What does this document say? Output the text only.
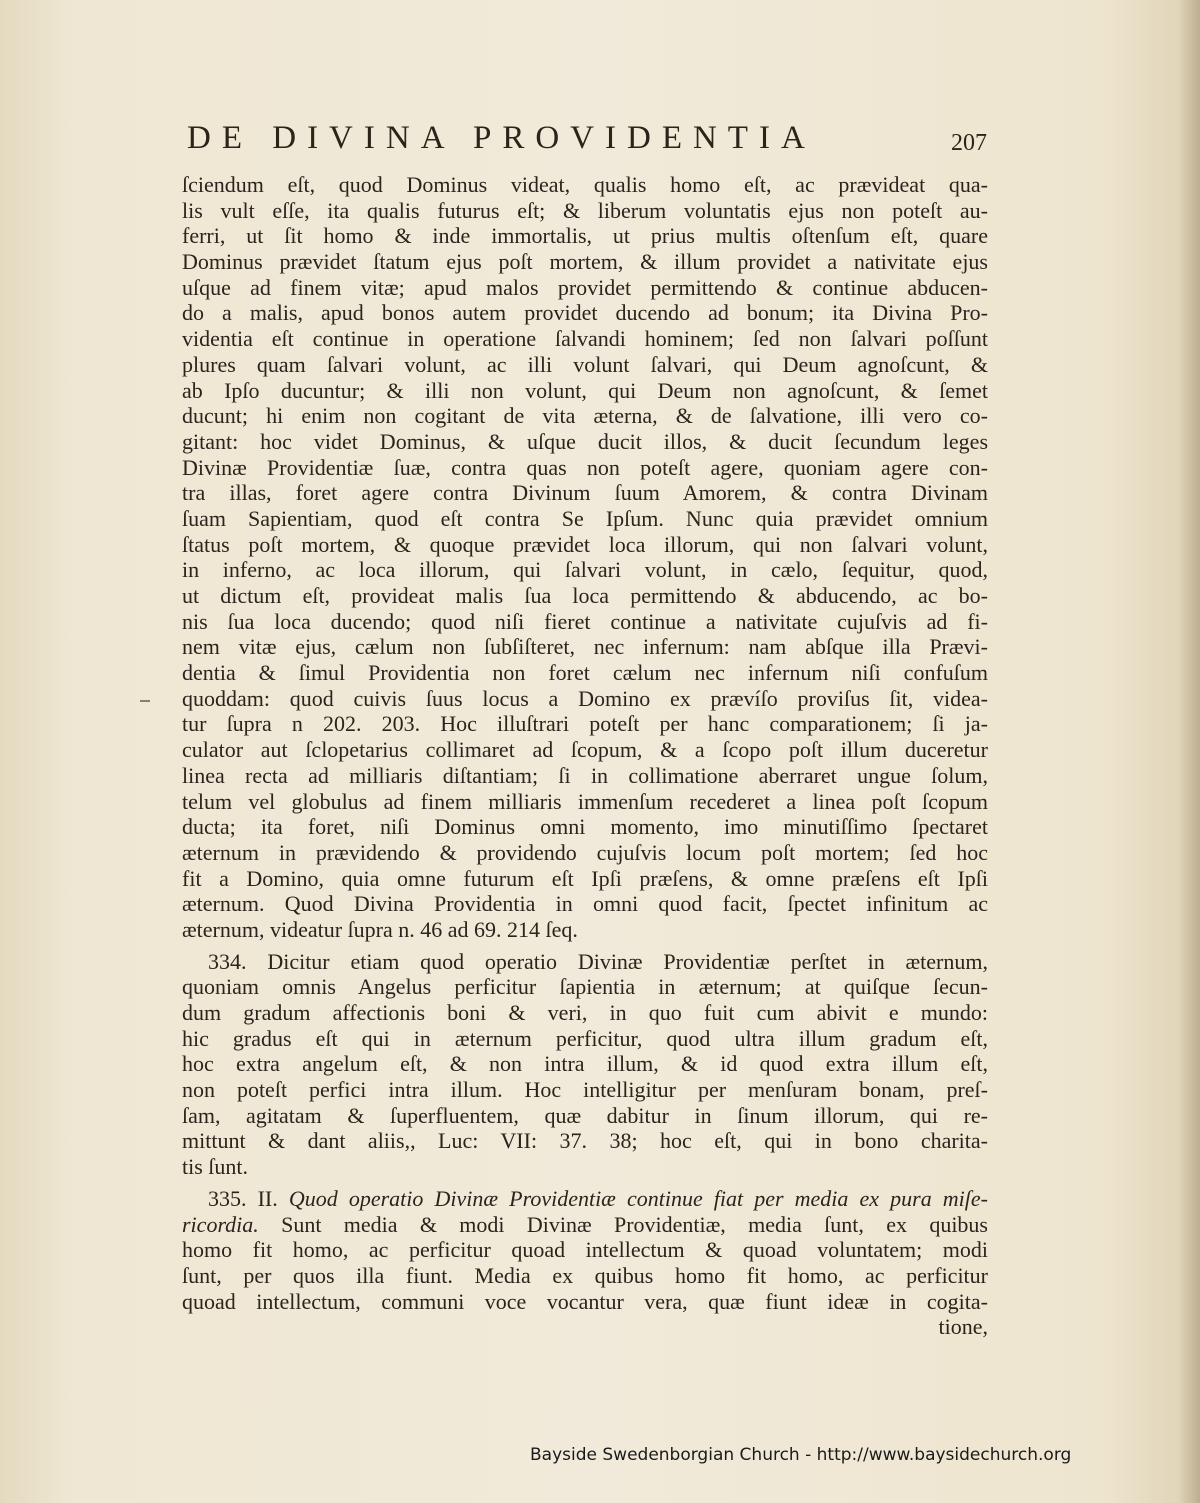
DE DIVINA PROVIDENTIA	207
ſciendum eſt, quod Dominus videat, qualis homo eſt, ac prævideat qua-
lis vult eſſe, ita qualis futurus eſt; & liberum voluntatis ejus non poteſt au-
ferri, ut ſit homo & inde immortalis, ut prius multis oſtenſum eſt, quare
Dominus prævidet ſtatum ejus poſt mortem, & illum providet a nativitate ejus
uſque ad finem vitæ; apud malos providet permittendo & continue abducen-
do a malis, apud bonos autem providet ducendo ad bonum; ita Divina Pro-
videntia eſt continue in operatione ſalvandi hominem; ſed non ſalvari poſſunt
plures quam ſalvari volunt, ac illi volunt ſalvari, qui Deum agnoſcunt, &
ab Ipſo ducuntur; & illi non volunt, qui Deum non agnoſcunt, & ſemet
ducunt; hi enim non cogitant de vita æterna, & de ſalvatione, illi vero co-
gitant: hoc videt Dominus, & uſque ducit illos, & ducit ſecundum leges
Divinæ Providentiæ ſuæ, contra quas non poteſt agere, quoniam agere con-
tra illas, foret agere contra Divinum ſuum Amorem, & contra Divinam
ſuam Sapientiam, quod eſt contra Se Ipſum. Nunc quia prævidet omnium
ſtatus poſt mortem, & quoque prævidet loca illorum, qui non ſalvari volunt,
in inferno, ac loca illorum, qui ſalvari volunt, in cælo, ſequitur, quod,
ut dictum eſt, provideat malis ſua loca permittendo & abducendo, ac bo-
nis ſua loca ducendo; quod niſi fieret continue a nativitate cujuſvis ad fi-
nem vitæ ejus, cælum non ſubſiſteret, nec infernum: nam abſque illa Prævi-
dentia & ſimul Providentia non foret cælum nec infernum niſi confuſum
quoddam: quod cuivis ſuus locus a Domino ex prævíſo proviſus ſit, videa-
tur ſupra n 202. 203. Hoc illuſtrari poteſt per hanc comparationem; ſi ja-
culator aut ſclopetarius collimaret ad ſcopum, & a ſcopo poſt illum duceretur
linea recta ad milliaris diſtantiam; ſi in collimatione aberraret ungue ſolum,
telum vel globulus ad finem milliaris immenſum recederet a linea poſt ſcopum
ducta; ita foret, niſi Dominus omni momento, imo minutiſſimo ſpectaret
æternum in prævidendo & providendo cujuſvis locum poſt mortem; ſed hoc
fit a Domino, quia omne futurum eſt Ipſi præſens, & omne præſens eſt Ipſi
æternum. Quod Divina Providentia in omni quod facit, ſpectet infinitum ac
æternum, videatur ſupra n. 46 ad 69. 214 ſeq.
334. Dicitur etiam quod operatio Divinæ Providentiæ perſtet in æternum,
quoniam omnis Angelus perficitur ſapientia in æternum; at quiſque ſecun-
dum gradum affectionis boni & veri, in quo fuit cum abivit e mundo:
hic gradus eſt qui in æternum perficitur, quod ultra illum gradum eſt,
hoc extra angelum eſt, & non intra illum, & id quod extra illum eſt,
non poteſt perfici intra illum. Hoc intelligitur per menſuram bonam, preſ-
ſam, agitatam & ſuperfluentem, quæ dabitur in ſinum illorum, qui re-
mittunt & dant aliis,, Luc: VII: 37. 38; hoc eſt, qui in bono charita-
tis ſunt.
335. II. Quod operatio Divinæ Providentiæ continue fiat per media ex pura miſe-
ricordia. Sunt media & modi Divinæ Providentiæ, media ſunt, ex quibus
homo fit homo, ac perficitur quoad intellectum & quoad voluntatem; modi
ſunt, per quos illa fiunt. Media ex quibus homo fit homo, ac perficitur
quoad intellectum, communi voce vocantur vera, quæ fiunt ideæ in cogita-
tione,
Bayside Swedenborgian Church - http://www.baysidechurch.org
